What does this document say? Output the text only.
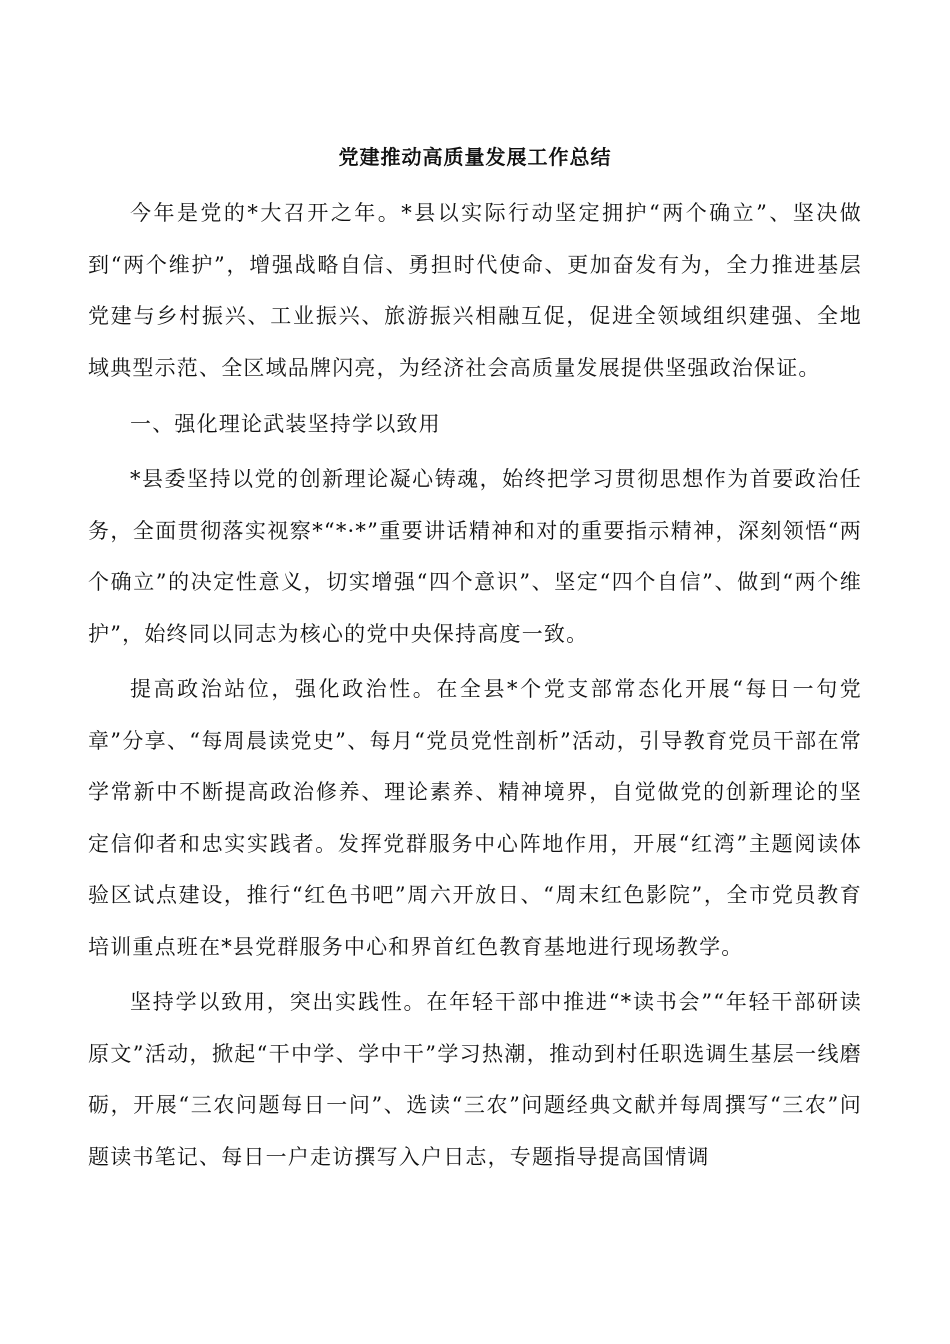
党建推动高质量发展工作总结

今年是党的*大召开之年。*县以实际行动坚定拥护“两个确立”、坚决做到“两个维护”，增强战略自信、勇担时代使命、更加奋发有为，全力推进基层党建与乡村振兴、工业振兴、旅游振兴相融互促，促进全领域组织建强、全地域典型示范、全区域品牌闪亮，为经济社会高质量发展提供坚强政治保证。

一、强化理论武装坚持学以致用

*县委坚持以党的创新理论凝心铸魂，始终把学习贯彻思想作为首要政治任务，全面贯彻落实视察*“*·*”重要讲话精神和对的重要指示精神，深刻领悟“两个确立”的决定性意义，切实增强“四个意识”、坚定“四个自信”、做到“两个维护”，始终同以同志为核心的党中央保持高度一致。

提高政治站位，强化政治性。在全县*个党支部常态化开展“每日一句党章”分享、“每周晨读党史”、每月“党员党性剖析”活动，引导教育党员干部在常学常新中不断提高政治修养、理论素养、精神境界，自觉做党的创新理论的坚定信仰者和忠实实践者。发挥党群服务中心阵地作用，开展“红湾”主题阅读体验区试点建设，推行“红色书吧”周六开放日、“周末红色影院”，全市党员教育培训重点班在*县党群服务中心和界首红色教育基地进行现场教学。

坚持学以致用，突出实践性。在年轻干部中推进“*读书会”“年轻干部研读原文”活动，掀起“干中学、学中干”学习热潮，推动到村任职选调生基层一线磨砺，开展“三农问题每日一问”、选读“三农”问题经典文献并每周撰写“三农”问题读书笔记、每日一户走访撰写入户日志，专题指导提高国情调
